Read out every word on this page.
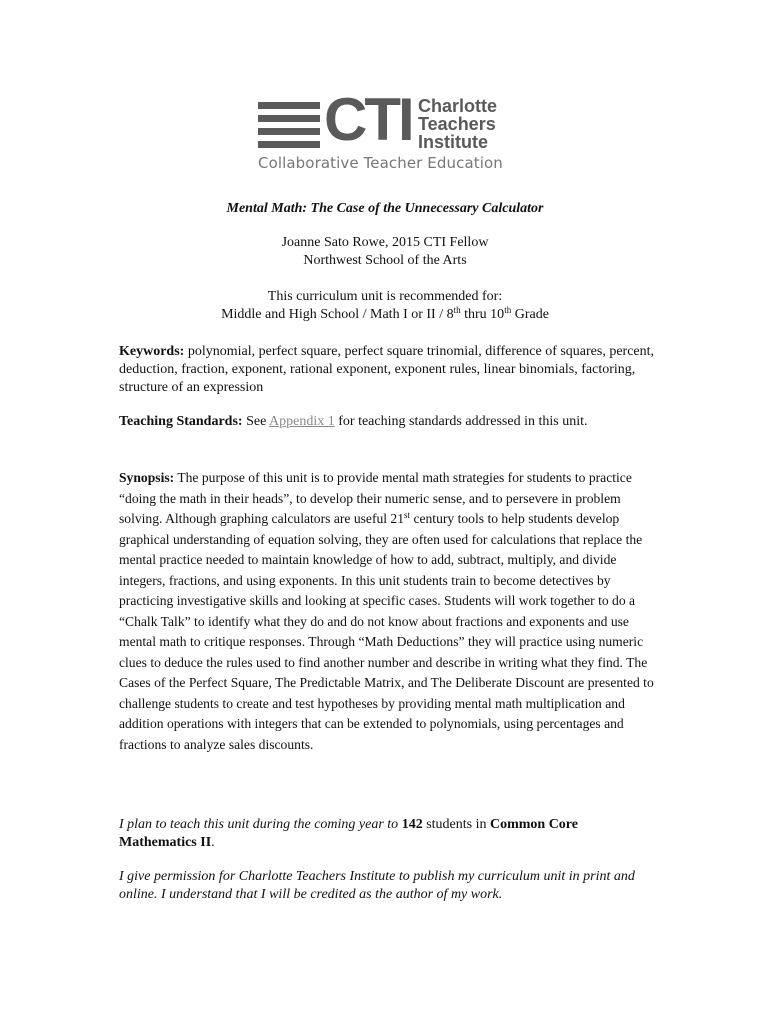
CTI Charlotte
Teachers
Institute
Collaborative Teacher Education
Mental Math: The Case of the Unnecessary Calculator
Joanne Sato Rowe, 2015 CTI Fellow
Northwest School of the Arts
This curriculum unit is recommended for:
Middle and High School / Math I or II / 8th thru 10th Grade
Keywords: polynomial, perfect square, perfect square trinomial, difference of squares, percent, deduction, fraction, exponent, rational exponent, exponent rules, linear binomials, factoring, structure of an expression
Teaching Standards: See Appendix 1 for teaching standards addressed in this unit.
Synopsis: The purpose of this unit is to provide mental math strategies for students to practice “doing the math in their heads”, to develop their numeric sense, and to persevere in problem solving. Although graphing calculators are useful 21st century tools to help students develop graphical understanding of equation solving, they are often used for calculations that replace the mental practice needed to maintain knowledge of how to add, subtract, multiply, and divide integers, fractions, and using exponents. In this unit students train to become detectives by practicing investigative skills and looking at specific cases. Students will work together to do a “Chalk Talk” to identify what they do and do not know about fractions and exponents and use mental math to critique responses. Through “Math Deductions” they will practice using numeric clues to deduce the rules used to find another number and describe in writing what they find. The Cases of the Perfect Square, The Predictable Matrix, and The Deliberate Discount are presented to challenge students to create and test hypotheses by providing mental math multiplication and addition operations with integers that can be extended to polynomials, using percentages and fractions to analyze sales discounts.
I plan to teach this unit during the coming year to 142 students in Common Core Mathematics II.
I give permission for Charlotte Teachers Institute to publish my curriculum unit in print and online. I understand that I will be credited as the author of my work.
